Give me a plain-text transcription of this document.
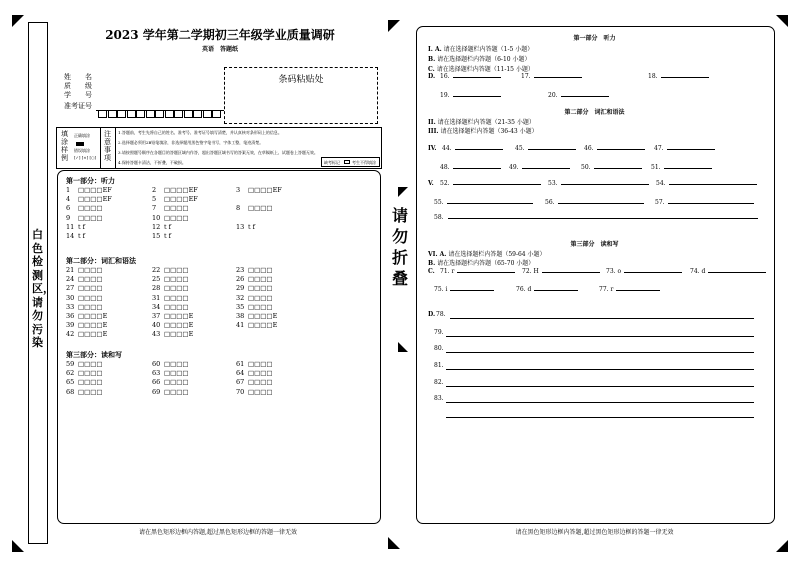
白色检测区，请勿污染
2023 学年第二学期初三年级学业质量调研
英语　答题纸
姓　　名
质　　级
学　　号
准考证号
条码粘贴处
填涂样例
正确填涂
错误填涂
[✓] [×] [○]
注意事项
1.答题前，考生先将自己的姓名、准考号、准考证号填写清楚，并认真核对条形码上的信息。
2.选择题必须用2B铅笔填涂，非选择题用黑色签字笔书写，字体工整，笔迹清楚。
3.请按照题号顺序在各题目的答题区域内作答，超出答题区域书写的答案无效，在草稿纸上、试题卷上答题无效。
4.保持答题卡清洁，不折叠，不破损。	缺考标记	考生不得填涂
第一部分：听力
1 □□□□EF	2 □□□□EF	3 □□□□EF
4 □□□□EF	5 □□□□EF
6 □□□□	7 □□□□	8 □□□□
9 □□□□	10 □□□□
11 t f	12 t f	13 t f
14 t f	15 t f
第二部分：词汇和语法
21 □□□□	22 □□□□	23 □□□□
24 □□□□	25 □□□□	26 □□□□
27 □□□□	28 □□□□	29 □□□□
30 □□□□	31 □□□□	32 □□□□
33 □□□□	34 □□□□	35 □□□□
36 □□□□E	37 □□□□E	38 □□□□E
39 □□□□E	40 □□□□E	41 □□□□E
42 □□□□E	43 □□□□E
第三部分：读和写
59 □□□□	60 □□□□	61 □□□□
62 □□□□	63 □□□□	64 □□□□
65 □□□□	66 □□□□	67 □□□□
68 □□□□	69 □□□□	70 □□□□
请在黑色矩形边框内答题,超过黑色矩形边框的答题一律无效
请勿折叠
第一部分　听力
I. A. 请在选择题栏内答题（1-5 小题）
B. 请在选择题栏内答题（6-10 小题）
C. 请在选择题栏内答题（11-15 小题）
D.
第二部分　词汇和语法
II. 请在选择题栏内答题（21-35 小题）
III. 请在选择题栏内答题（36-43 小题）
IV.
V.
第三部分　读和写
VI. A. 请在选择题栏内答题（59-64 小题）
B. 请在选择题栏内答题（65-70 小题）
C.
D.
16.	17.	18.
19.	20.
44.	45.	46.	47.
48.	49.	50.	51.
52.	53.	54.
55.	56.	57.
71. r	72. H	73. o	74. d
75. i	76. d	77. r
58.
78.
79.
80.
81.
82.
83.
请在黑色矩形边框内答题,超过黑色矩形边框的答题一律无效
